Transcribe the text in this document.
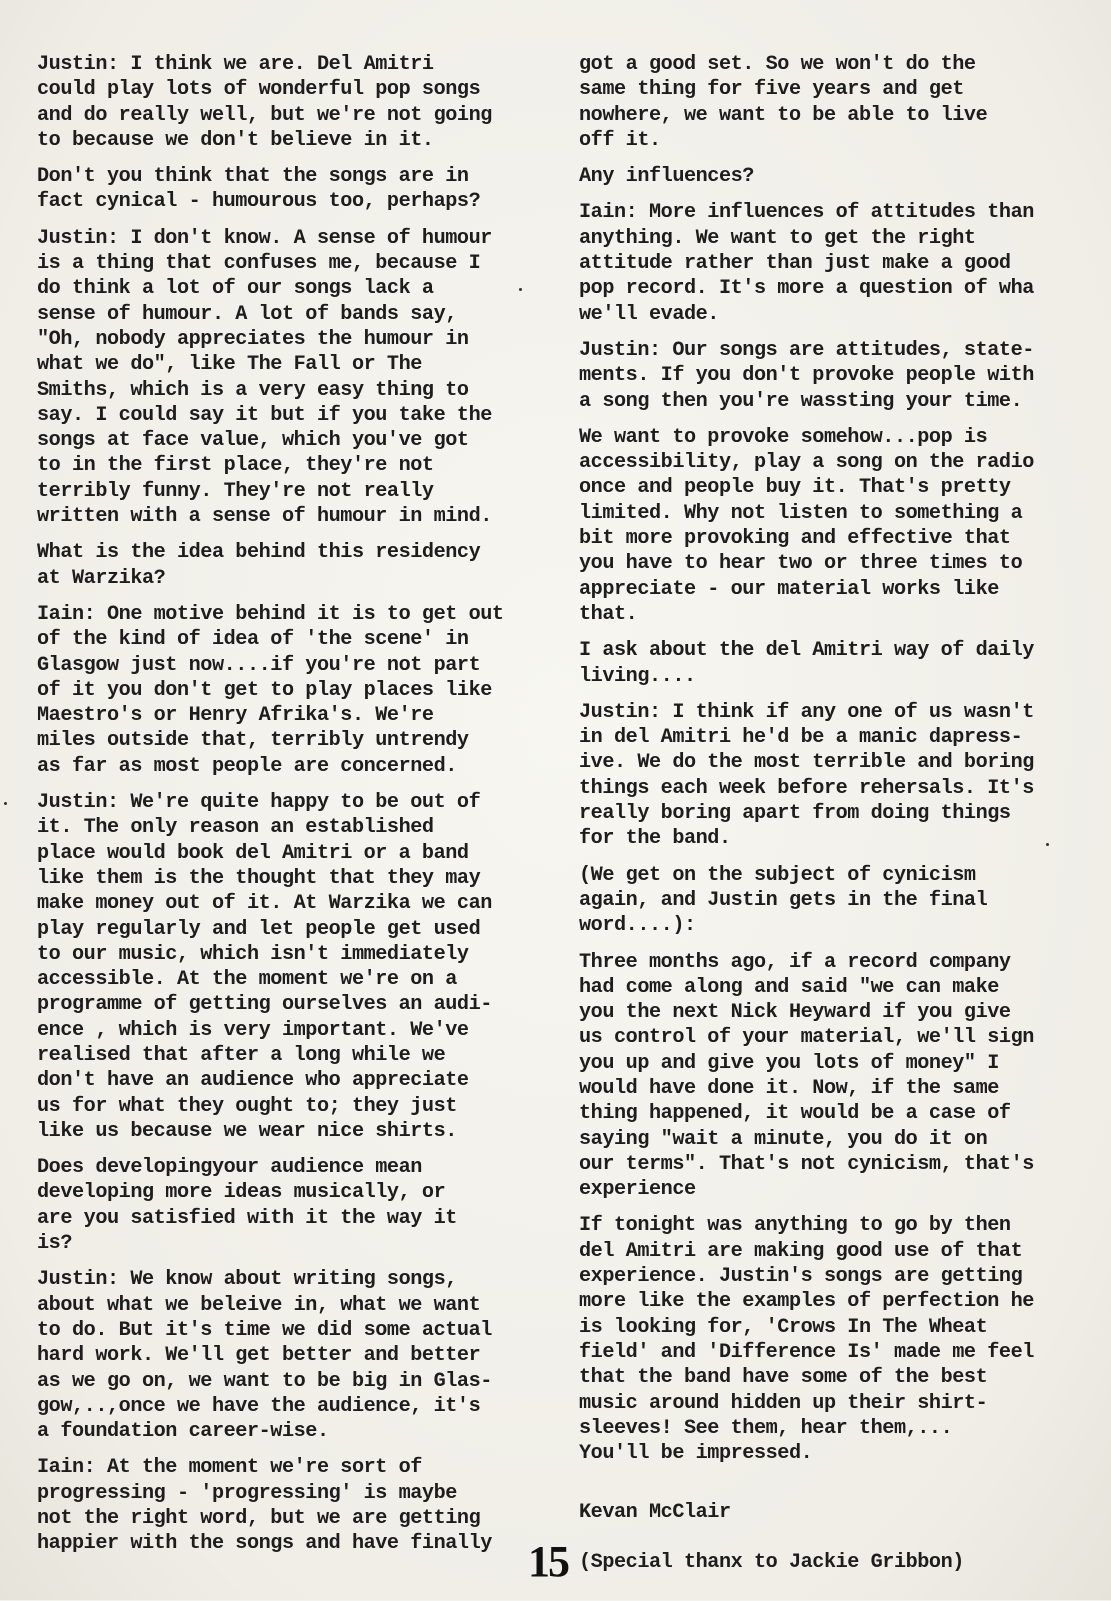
Justin: I think we are. Del Amitri
could play lots of wonderful pop songs
and do really well, but we're not going
to because we don't believe in it.

Don't you think that the songs are in
fact cynical - humourous too, perhaps?

Justin: I don't know. A sense of humour
is a thing that confuses me, because I
do think a lot of our songs lack a
sense of humour. A lot of bands say,
"Oh, nobody appreciates the humour in
what we do", like The Fall or The
Smiths, which is a very easy thing to
say. I could say it but if you take the
songs at face value, which you've got
to in the first place, they're not
terribly funny. They're not really
written with a sense of humour in mind.

What is the idea behind this residency
at Warzika?

Iain: One motive behind it is to get out
of the kind of idea of 'the scene' in
Glasgow just now....if you're not part
of it you don't get to play places like
Maestro's or Henry Afrika's. We're
miles outside that, terribly untrendy
as far as most people are concerned.

Justin: We're quite happy to be out of
it. The only reason an established
place would book del Amitri or a band
like them is the thought that they may
make money out of it. At Warzika we can
play regularly and let people get used
to our music, which isn't immediately
accessible. At the moment we're on a
programme of getting ourselves an audi-
ence , which is very important. We've
realised that after a long while we
don't have an audience who appreciate
us for what they ought to; they just
like us because we wear nice shirts.

Does developingyour audience mean
developing more ideas musically, or
are you satisfied with it the way it
is?

Justin: We know about writing songs,
about what we beleive in, what we want
to do. But it's time we did some actual
hard work. We'll get better and better
as we go on, we want to be big in Glas-
gow,..,once we have the audience, it's
a foundation career-wise.

Iain: At the moment we're sort of
progressing - 'progressing' is maybe
not the right word, but we are getting
happier with the songs and have finally

got a good set. So we won't do the
same thing for five years and get
nowhere, we want to be able to live
off it.

Any influences?

Iain: More influences of attitudes than
anything. We want to get the right
attitude rather than just make a good
pop record. It's more a question of wha
we'll evade.

Justin: Our songs are attitudes, state-
ments. If you don't provoke people with
a song then you're wassting your time.

We want to provoke somehow...pop is
accessibility, play a song on the radio
once and people buy it. That's pretty
limited. Why not listen to something a
bit more provoking and effective that
you have to hear two or three times to
appreciate - our material works like
that.

I ask about the del Amitri way of daily
living....

Justin: I think if any one of us wasn't
in del Amitri he'd be a manic dapress-
ive. We do the most terrible and boring
things each week before rehersals. It's
really boring apart from doing things
for the band.

(We get on the subject of cynicism
again, and Justin gets in the final
word....):

Three months ago, if a record company
had come along and said "we can make
you the next Nick Heyward if you give
us control of your material, we'll sign
you up and give you lots of money" I
would have done it. Now, if the same
thing happened, it would be a case of
saying "wait a minute, you do it on
our terms". That's not cynicism, that's
experience

If tonight was anything to go by then
del Amitri are making good use of that
experience. Justin's songs are getting
more like the examples of perfection he
is looking for, 'Crows In The Wheat
field' and 'Difference Is' made me feel
that the band have some of the best
music around hidden up their shirt-
sleeves! See them, hear them,...
You'll be impressed.

Kevan McClair

(Special thanx to Jackie Gribbon)

15
